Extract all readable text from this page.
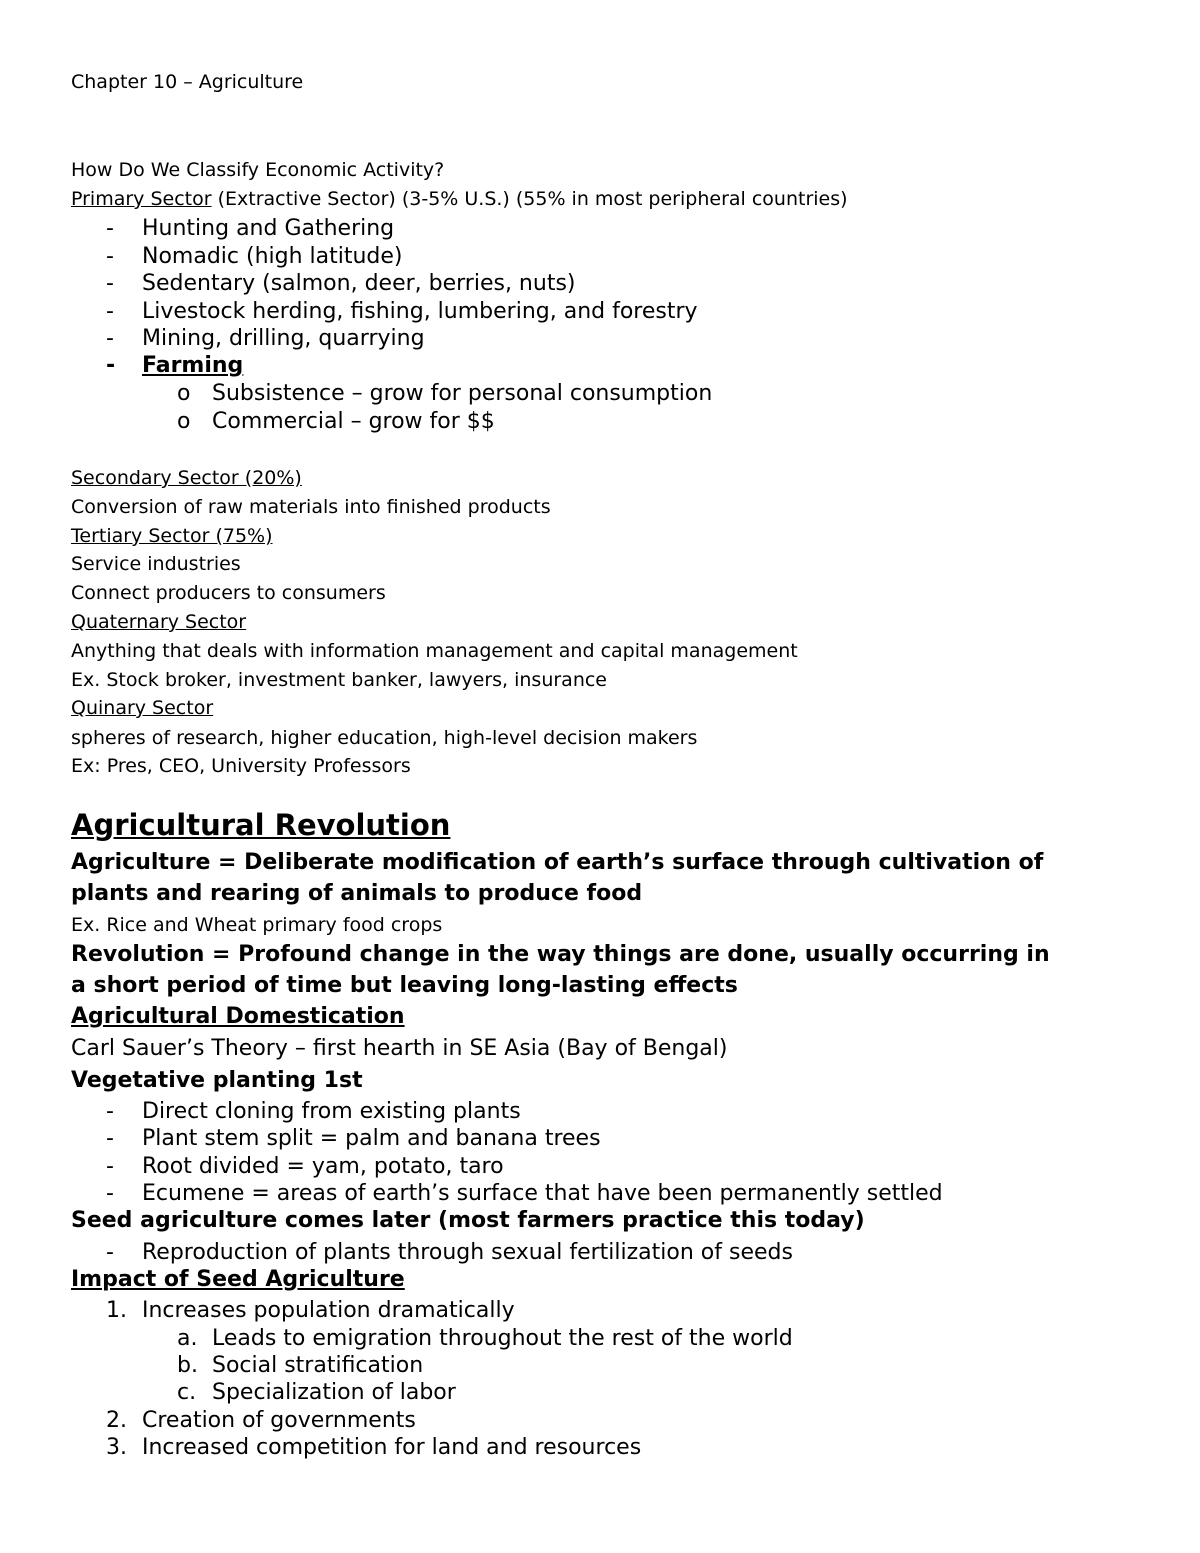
Chapter 10 – Agriculture
How Do We Classify Economic Activity?
Primary Sector (Extractive Sector) (3-5% U.S.) (55% in most peripheral countries)
- Hunting and Gathering
- Nomadic (high latitude)
- Sedentary (salmon, deer, berries, nuts)
- Livestock herding, fishing, lumbering, and forestry
- Mining, drilling, quarrying
- Farming
o Subsistence – grow for personal consumption
o Commercial – grow for $$
Secondary Sector (20%)
Conversion of raw materials into finished products
Tertiary Sector (75%)
Service industries
Connect producers to consumers
Quaternary Sector
Anything that deals with information management and capital management
Ex. Stock broker, investment banker, lawyers, insurance
Quinary Sector
spheres of research, higher education, high-level decision makers
Ex: Pres, CEO, University Professors
Agricultural Revolution
Agriculture = Deliberate modification of earth’s surface through cultivation of
plants and rearing of animals to produce food
Ex. Rice and Wheat primary food crops
Revolution = Profound change in the way things are done, usually occurring in
a short period of time but leaving long-lasting effects
Agricultural Domestication
Carl Sauer’s Theory – first hearth in SE Asia (Bay of Bengal)
Vegetative planting 1st
- Direct cloning from existing plants
- Plant stem split = palm and banana trees
- Root divided = yam, potato, taro
- Ecumene = areas of earth’s surface that have been permanently settled
Seed agriculture comes later (most farmers practice this today)
- Reproduction of plants through sexual fertilization of seeds
Impact of Seed Agriculture
1. Increases population dramatically
a. Leads to emigration throughout the rest of the world
b. Social stratification
c. Specialization of labor
2. Creation of governments
3. Increased competition for land and resources
